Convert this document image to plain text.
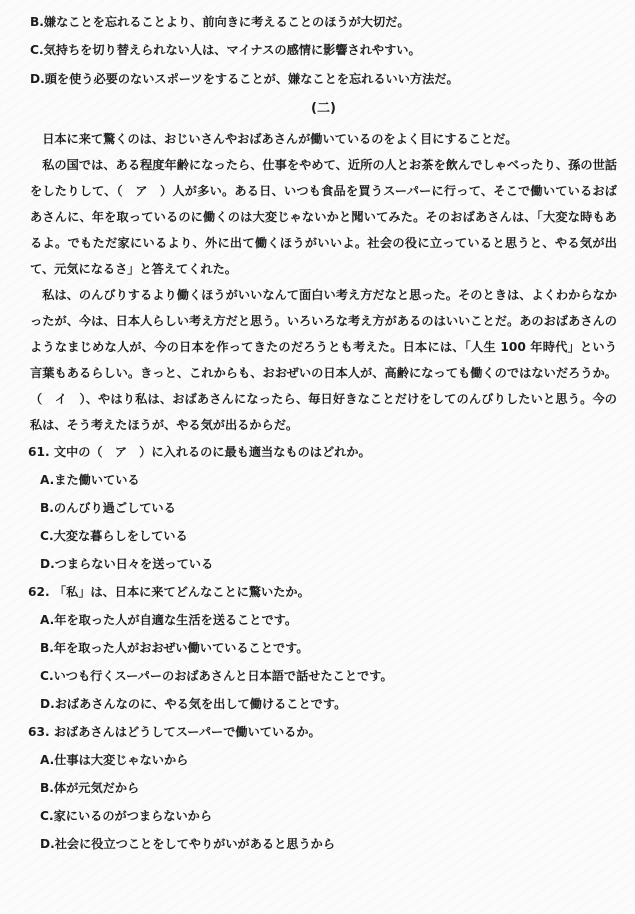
B.嫌なことを忘れることより、前向きに考えることのほうが大切だ。
C.気持ちを切り替えられない人は、マイナスの感情に影響されやすい。
D.頭を使う必要のないスポーツをすることが、嫌なことを忘れるいい方法だ。
(二)

日本に来て驚くのは、おじいさんやおばあさんが働いているのをよく目にすることだ。

私の国では、ある程度年齢になったら、仕事をやめて、近所の人とお茶を飲んでしゃべったり、孫の世話をしたりして、（　ア　）人が多い。ある日、いつも食品を買うスーパーに行って、そこで働いているおばあさんに、年を取っているのに働くのは大変じゃないかと聞いてみた。そのおばあさんは、「大変な時もあるよ。でもただ家にいるより、外に出て働くほうがいいよ。社会の役に立っていると思うと、やる気が出て、元気になるさ」と答えてくれた。

私は、のんびりするより働くほうがいいなんて面白い考え方だなと思った。そのときは、よくわからなかったが、今は、日本人らしい考え方だと思う。いろいろな考え方があるのはいいことだ。あのおばあさんのようなまじめな人が、今の日本を作ってきたのだろうとも考えた。日本には、「人生 100 年時代」という言葉もあるらしい。きっと、これからも、おおぜいの日本人が、高齢になっても働くのではないだろうか。（　イ　）、やはり私は、おばあさんになったら、毎日好きなことだけをしてのんびりしたいと思う。今の私は、そう考えたほうが、やる気が出るからだ。

61. 文中の（　ア　）に入れるのに最も適当なものはどれか。
A.また働いている
B.のんびり過ごしている
C.大変な暮らしをしている
D.つまらない日々を送っている
62. 「私」は、日本に来てどんなことに驚いたか。
A.年を取った人が自適な生活を送ることです。
B.年を取った人がおおぜい働いていることです。
C.いつも行くスーパーのおばあさんと日本語で話せたことです。
D.おばあさんなのに、やる気を出して働けることです。
63. おばあさんはどうしてスーパーで働いているか。
A.仕事は大変じゃないから
B.体が元気だから
C.家にいるのがつまらないから
D.社会に役立つことをしてやりがいがあると思うから
